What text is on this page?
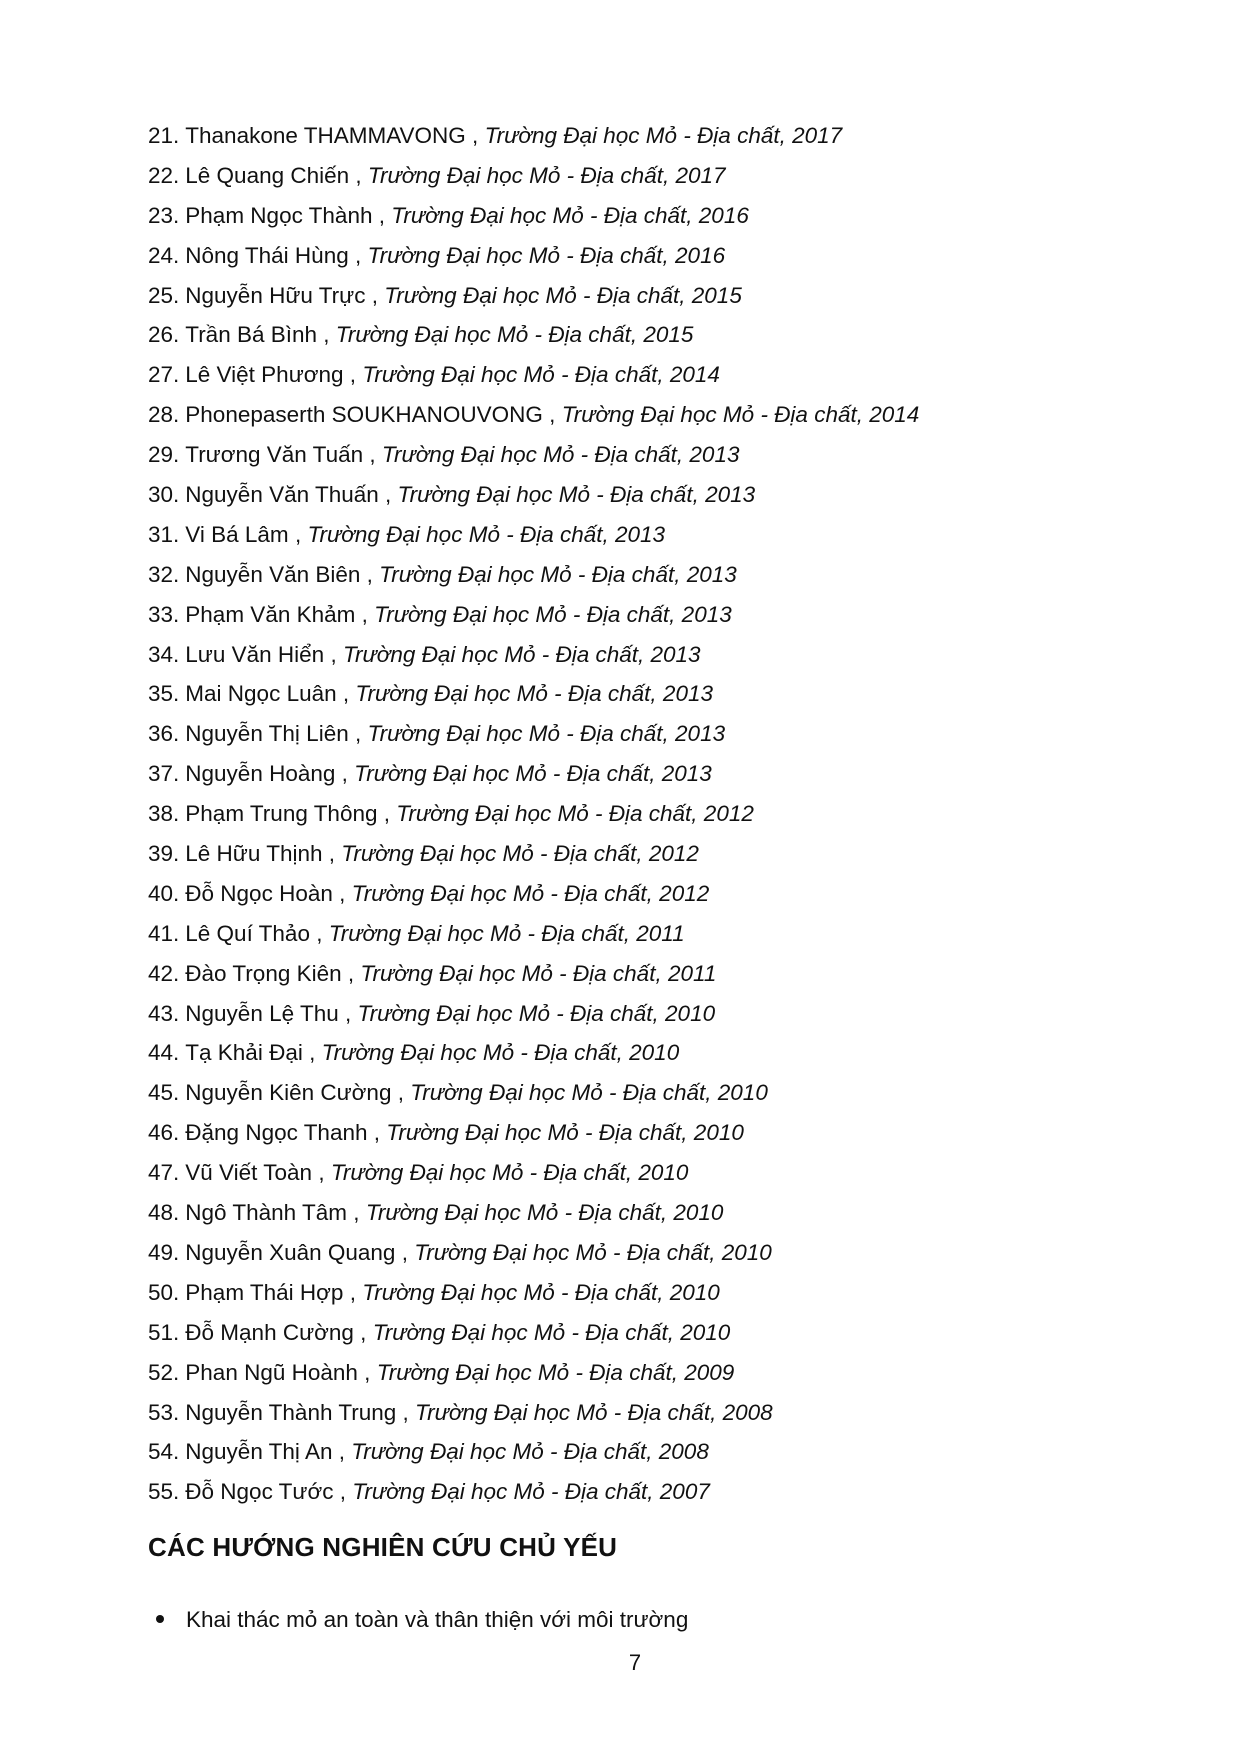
21. Thanakone THAMMAVONG , Trường Đại học Mỏ - Địa chất, 2017
22. Lê Quang Chiến , Trường Đại học Mỏ - Địa chất, 2017
23. Phạm Ngọc Thành , Trường Đại học Mỏ - Địa chất, 2016
24. Nông Thái Hùng , Trường Đại học Mỏ - Địa chất, 2016
25. Nguyễn Hữu Trực , Trường Đại học Mỏ - Địa chất, 2015
26. Trần Bá Bình , Trường Đại học Mỏ - Địa chất, 2015
27. Lê Việt Phương , Trường Đại học Mỏ - Địa chất, 2014
28. Phonepaserth SOUKHANOUVONG , Trường Đại học Mỏ - Địa chất, 2014
29. Trương Văn Tuấn , Trường Đại học Mỏ - Địa chất, 2013
30. Nguyễn Văn Thuấn , Trường Đại học Mỏ - Địa chất, 2013
31. Vi Bá Lâm , Trường Đại học Mỏ - Địa chất, 2013
32. Nguyễn Văn Biên , Trường Đại học Mỏ - Địa chất, 2013
33. Phạm Văn Khảm , Trường Đại học Mỏ - Địa chất, 2013
34. Lưu Văn Hiển , Trường Đại học Mỏ - Địa chất, 2013
35. Mai Ngọc Luân , Trường Đại học Mỏ - Địa chất, 2013
36. Nguyễn Thị Liên , Trường Đại học Mỏ - Địa chất, 2013
37. Nguyễn Hoàng , Trường Đại học Mỏ - Địa chất, 2013
38. Phạm Trung Thông , Trường Đại học Mỏ - Địa chất, 2012
39. Lê Hữu Thịnh , Trường Đại học Mỏ - Địa chất, 2012
40. Đỗ Ngọc Hoàn , Trường Đại học Mỏ - Địa chất, 2012
41. Lê Quí Thảo , Trường Đại học Mỏ - Địa chất, 2011
42. Đào Trọng Kiên , Trường Đại học Mỏ - Địa chất, 2011
43. Nguyễn Lệ Thu , Trường Đại học Mỏ - Địa chất, 2010
44. Tạ Khải Đại , Trường Đại học Mỏ - Địa chất, 2010
45. Nguyễn Kiên Cường , Trường Đại học Mỏ - Địa chất, 2010
46. Đặng Ngọc Thanh , Trường Đại học Mỏ - Địa chất, 2010
47. Vũ Viết Toàn , Trường Đại học Mỏ - Địa chất, 2010
48. Ngô Thành Tâm , Trường Đại học Mỏ - Địa chất, 2010
49. Nguyễn Xuân Quang , Trường Đại học Mỏ - Địa chất, 2010
50. Phạm Thái Hợp , Trường Đại học Mỏ - Địa chất, 2010
51. Đỗ Mạnh Cường , Trường Đại học Mỏ - Địa chất, 2010
52. Phan Ngũ Hoành , Trường Đại học Mỏ - Địa chất, 2009
53. Nguyễn Thành Trung , Trường Đại học Mỏ - Địa chất, 2008
54. Nguyễn Thị An , Trường Đại học Mỏ - Địa chất, 2008
55. Đỗ Ngọc Tước , Trường Đại học Mỏ - Địa chất, 2007
CÁC HƯỚNG NGHIÊN CỨU CHỦ YẾU
Khai thác mỏ an toàn và thân thiện với môi trường
7
